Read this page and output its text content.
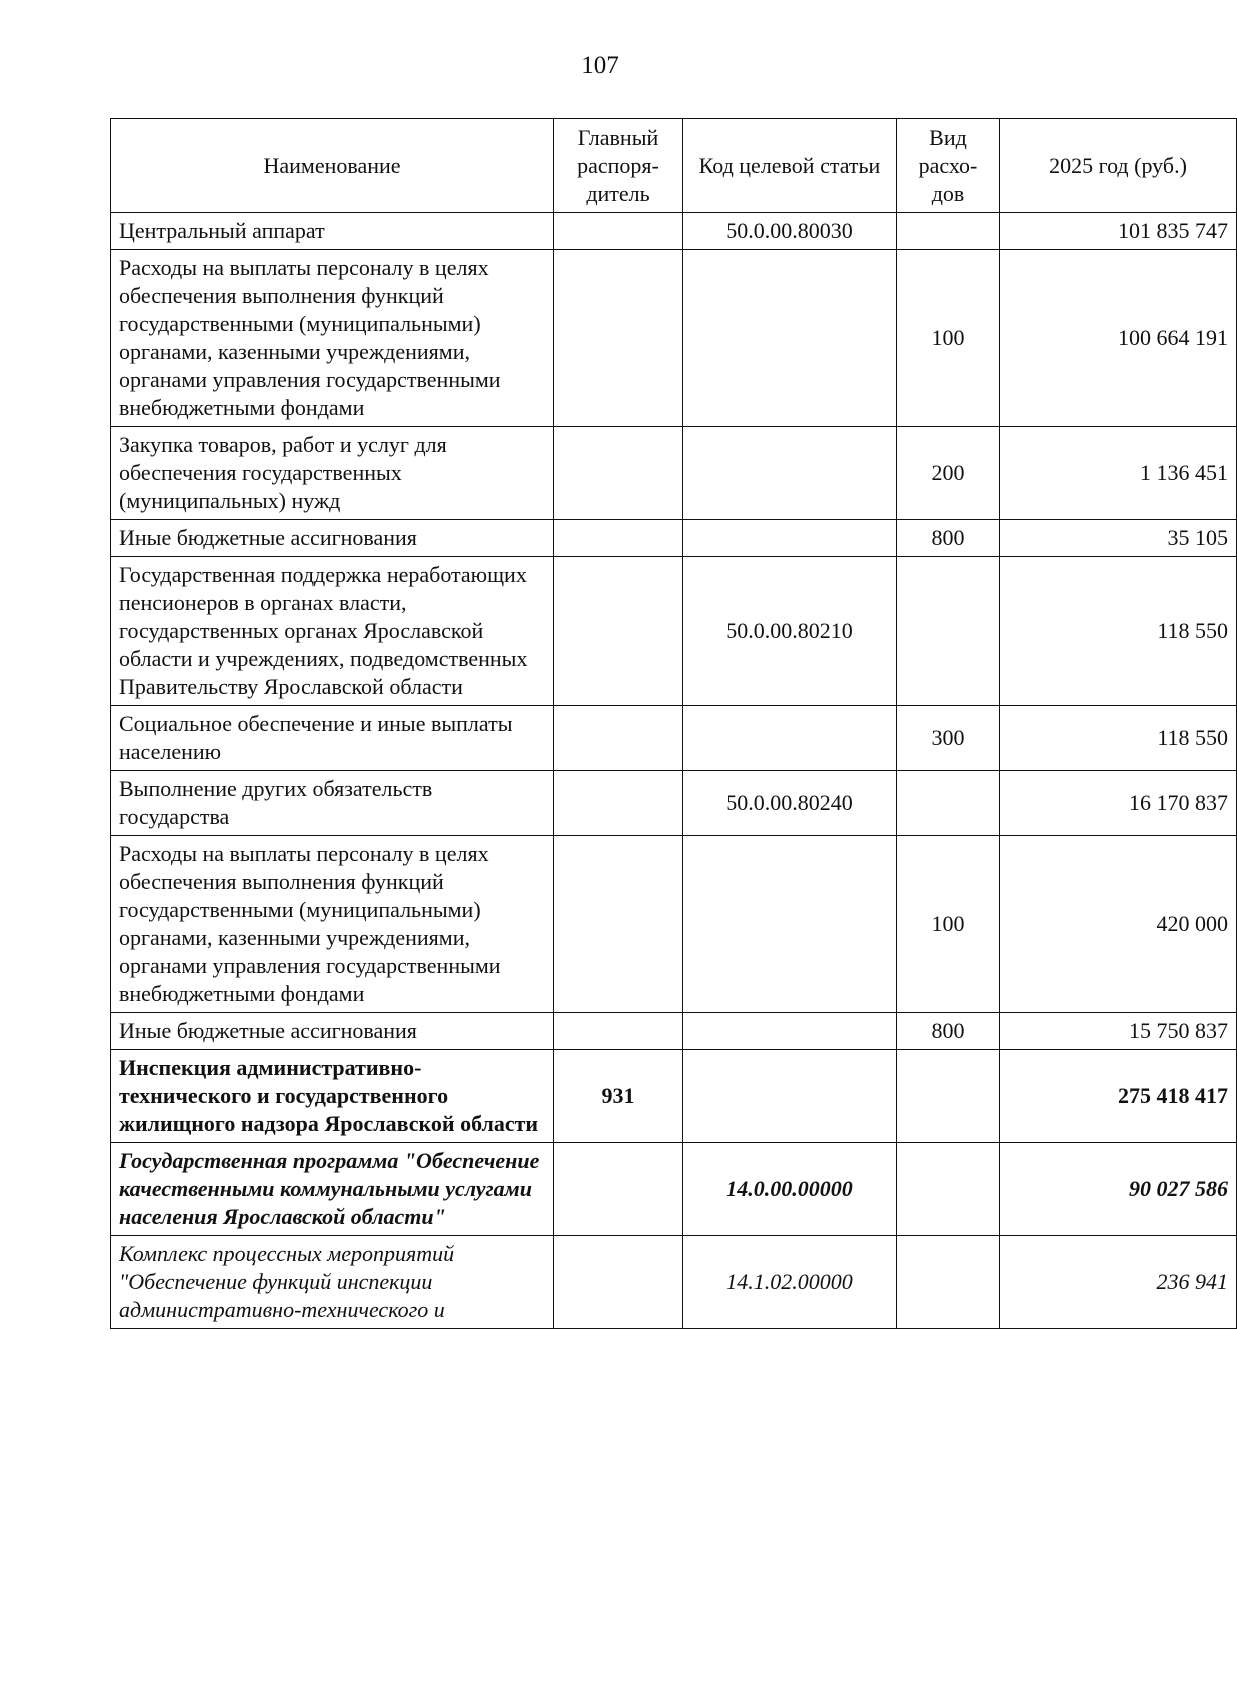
107
Наименование	Главный распоря-дитель	Код целевой статьи	Вид расхо-дов	2025 год (руб.)
Центральный аппарат		50.0.00.80030		101 835 747
Расходы на выплаты персоналу в целях обеспечения выполнения функций государственными (муниципальными) органами, казенными учреждениями, органами управления государственными внебюджетными фондами			100	100 664 191
Закупка товаров, работ и услуг для обеспечения государственных (муниципальных) нужд			200	1 136 451
Иные бюджетные ассигнования			800	35 105
Государственная поддержка неработающих пенсионеров в органах власти, государственных органах Ярославской области и учреждениях, подведомственных Правительству Ярославской области		50.0.00.80210		118 550
Социальное обеспечение и иные выплаты населению			300	118 550
Выполнение других обязательств государства		50.0.00.80240		16 170 837
Расходы на выплаты персоналу в целях обеспечения выполнения функций государственными (муниципальными) органами, казенными учреждениями, органами управления государственными внебюджетными фондами			100	420 000
Иные бюджетные ассигнования			800	15 750 837
Инспекция административно-технического и государственного жилищного надзора Ярославской области	931			275 418 417
Государственная программа "Обеспечение качественными коммунальными услугами населения Ярославской области"		14.0.00.00000		90 027 586
Комплекс процессных мероприятий "Обеспечение функций инспекции административно-технического и		14.1.02.00000		236 941
